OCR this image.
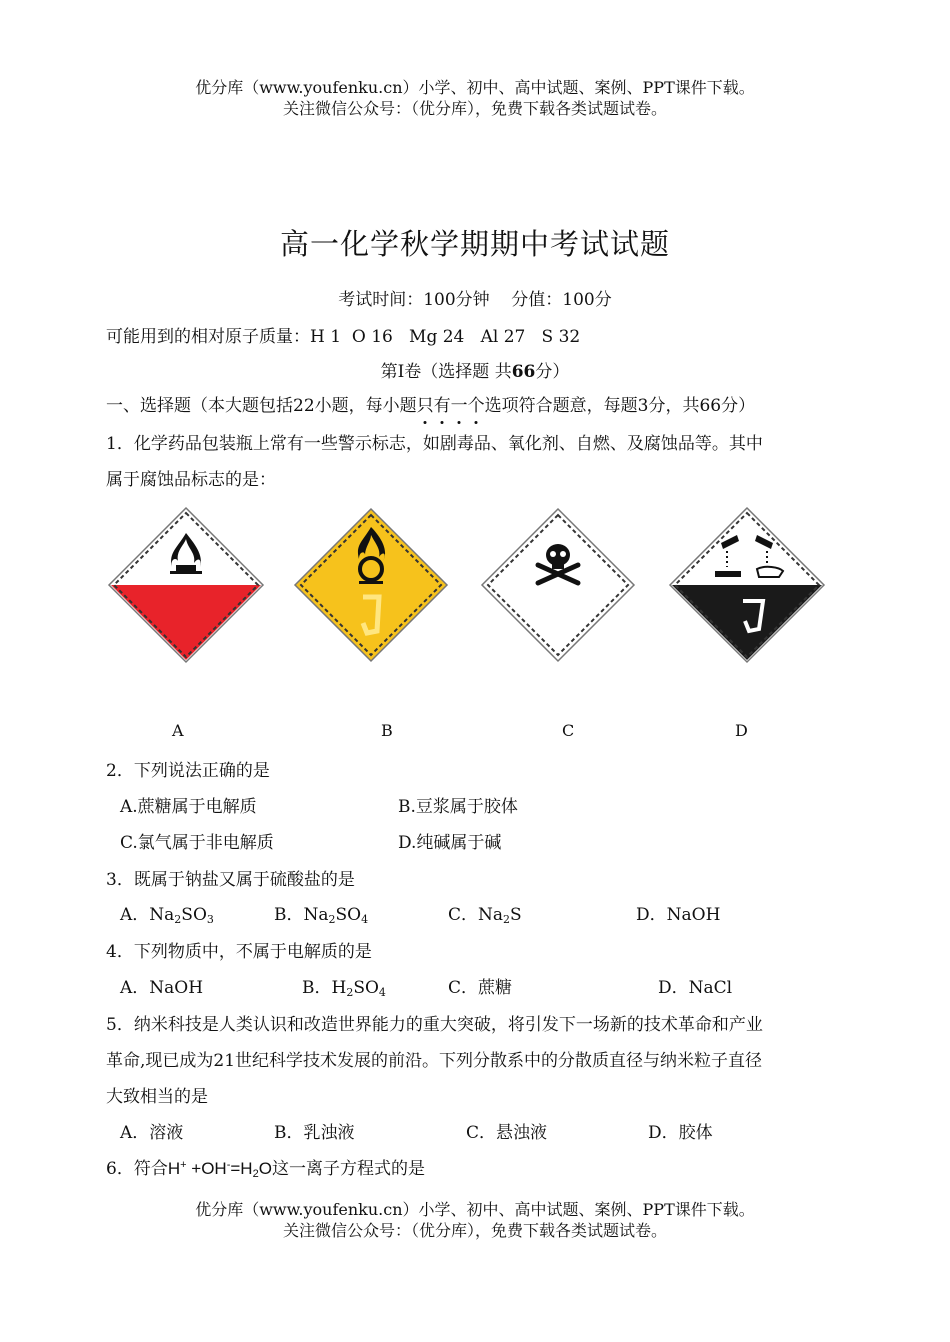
优分库（www.youfenku.cn）小学、初中、高中试题、案例、PPT课件下载。
关注微信公众号：（优分库），免费下载各类试题试卷。
高一化学秋学期期中考试试题
考试时间：100分钟    分值：100分
可能用到的相对原子质量：H 1  O 16   Mg 24   Al 27   S 32
第Ⅰ卷（选择题 共66分）
一、选择题（本大题包括22小题，每小题只
有
一
个
选项符合题意，每题3分，共66分）
1．化学药品包装瓶上常有一些警示标志，如剧毒品、氧化剂、自燃、及腐蚀品等。其中
属于腐蚀品标志的是：
A	B	C	D
2．下列说法正确的是
A.蔗糖属于电解质	B.豆浆属于胶体
C.氯气属于非电解质	D.纯碱属于碱
3．既属于钠盐又属于硫酸盐的是
A．$Na_2SO_3$	B．$Na_2SO_4$	C．$Na_2S$	D．NaOH
4．下列物质中，不属于电解质的是
A．NaOH	B．$H_2SO_4$	C．蔗糖	D．NaCl
5．纳米科技是人类认识和改造世界能力的重大突破，将引发下一场新的技术革命和产业
革命,现已成为21世纪科学技术发展的前沿。下列分散系中的分散质直径与纳米粒子直径
大致相当的是
A．溶液	B．乳浊液	C．悬浊液	D．胶体
6．符合$H^+ +OH^-=H_2O$这一离子方程式的是
优分库（www.youfenku.cn）小学、初中、高中试题、案例、PPT课件下载。
关注微信公众号：（优分库），免费下载各类试题试卷。
